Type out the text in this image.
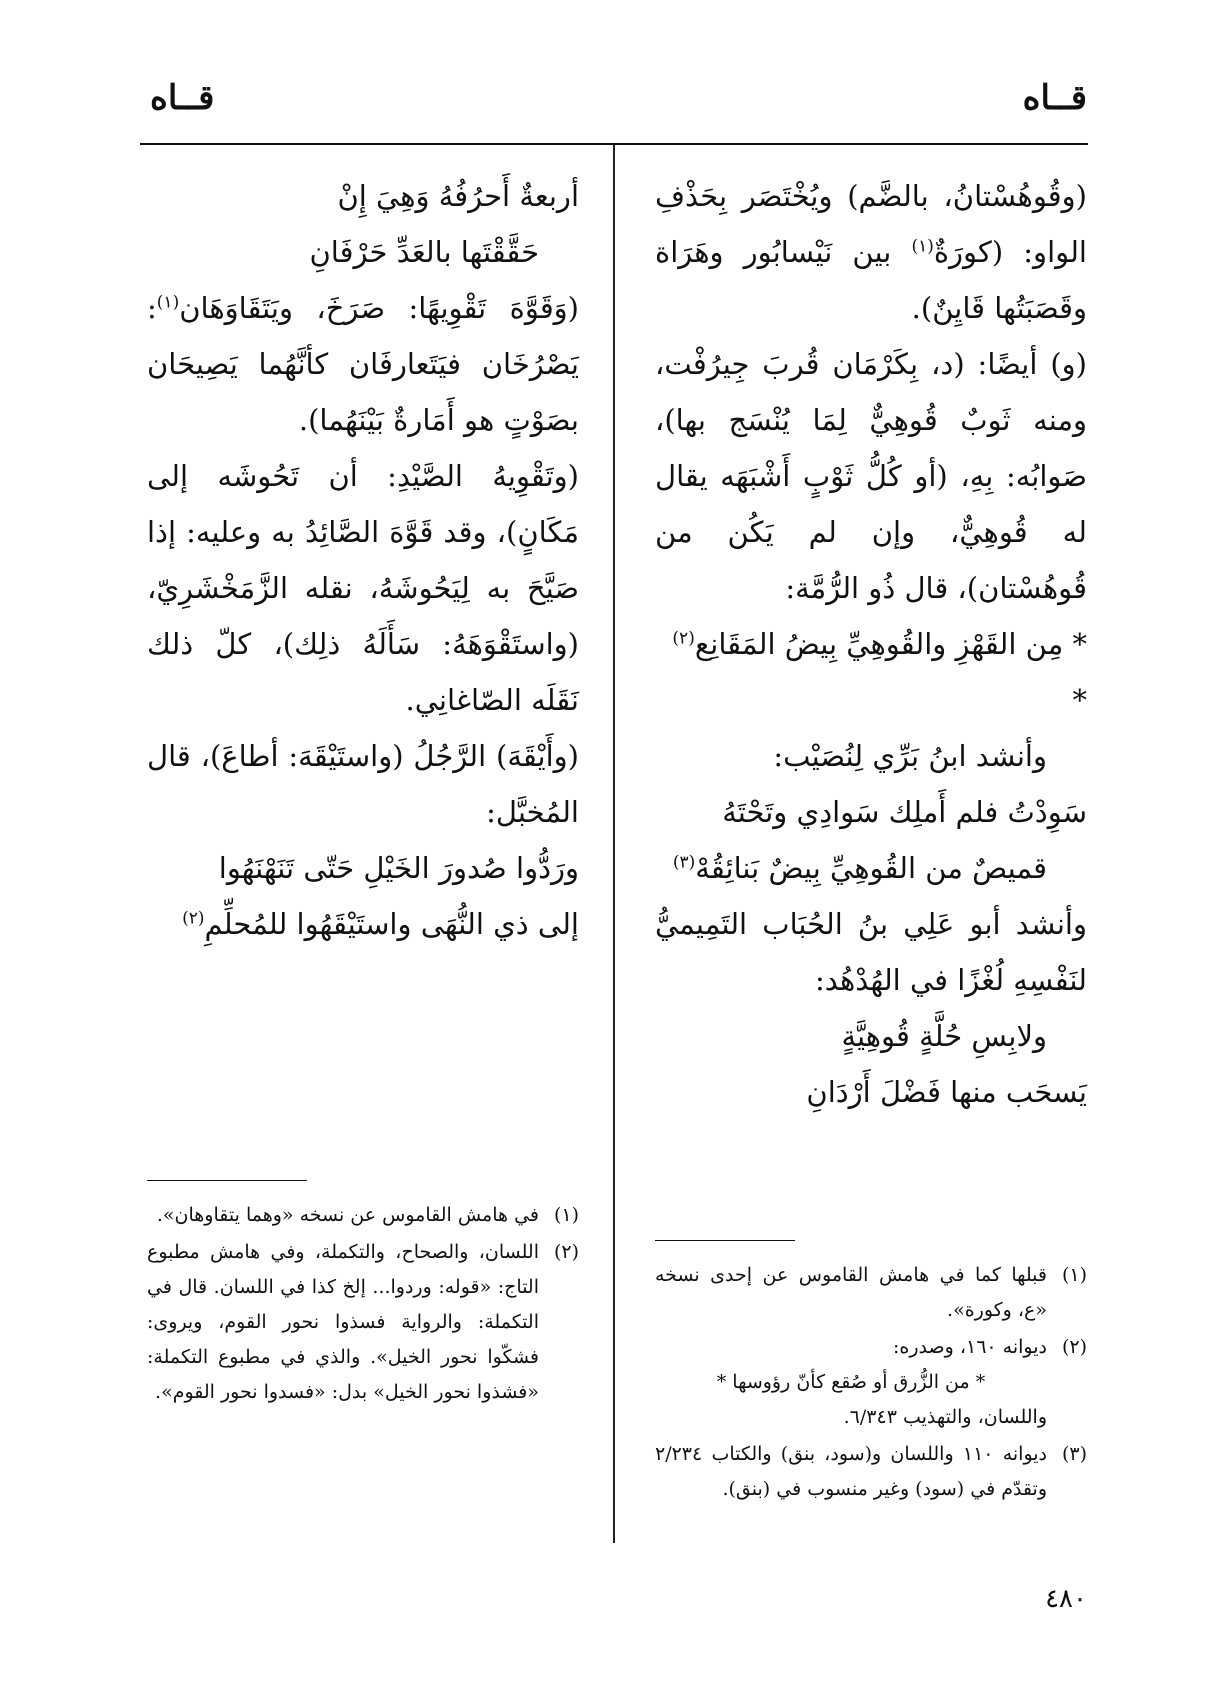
قــاه
قــاه

(وقُوهُسْتانُ، بالضَّم) ويُخْتَصَر بِحَذْفِ الواو: (كورَةٌ$^{(١)}$ بين نَيْسابُور وهَرَاة وقَصَبَتُها قَايِنٌ).

(و) أيضًا: (د، بِكَرْمَان قُربَ جِيرُفْت، ومنه ثَوبٌ قُوهِيٌّ لِمَا يُنْسَج بها)، صَوابُه: بِهِ، (أو كُلُّ ثَوْبٍ أَشْبَهَه يقال له قُوهِيٌّ، وإن لم يَكُن من قُوهُسْتان)، قال ذُو الرُّمَّة:

* مِن القَهْزِ والقُوهِيِّ بِيضُ المَقَانِع$^{(٢)}$ *

وأنشد ابنُ بَرِّي لِنُصَيْب:

سَوِدْتُ فلم أَملِك سَوادِي وتَحْتَهُ

قميصٌ من القُوهِيِّ بِيضٌ بَنائِقُهْ$^{(٣)}$

وأنشد أبو عَلِي بنُ الحُبَاب التَمِيميُّ لنَفْسِهِ لُغْزًا في الهُدْهُد:

ولابِسِ حُلَّةٍ قُوهِيَّةٍ

يَسحَب منها فَضْلَ أَرْدَانِ

أربعةٌ أَحرُفُهُ وَهِيَ إِنْ

حَقَّقْتَها بالعَدِّ حَرْفَانِ

(وَقَوَّهَ تَقْوِيهًا: صَرَخَ، ويَتَقَاوَهَان$^{(١)}$: يَصْرُخَان فيَتَعارفَان كأنَّهُما يَصِيحَان بصَوْتٍ هو أَمَارةٌ بَيْنَهُما).

(وتَقْوِيهُ الصَّيْدِ: أن تَحُوشَه إلى مَكَانٍ)، وقد قَوَّهَ الصَّائِدُ به وعليه: إذا صَيَّحَ به لِيَحُوشَهُ، نقله الزَّمَخْشَرِيّ، (واستَقْوَهَهُ: سَأَلَهُ ذلِك)، كلّ ذلك نَقَلَه الصّاغانِي.

(وأَيْقَهَ) الرَّجُلُ (واستَيْقَهَ: أطاعَ)، قال المُخبَّل:

ورَدُّوا صُدورَ الخَيْلِ حَتّى تَنَهْنَهُوا

إلى ذي النُّهَى واستَيْقَهُوا للمُحلِّمِ$^{(٢)}$

(١)
قبلها كما في هامش القاموس عن إحدى نسخه «ع، وكورة».
(٢)
ديوانه ١٦٠، وصدره:
* من الزُّرق أو صُقع كأنّ رؤوسها *
واللسان، والتهذيب ٦/٣٤٣.
(٣)
ديوانه ١١٠ واللسان و(سود، بنق) والكتاب ٢/٢٣٤ وتقدّم في (سود) وغير منسوب في (بنق).
(١)
في هامش القاموس عن نسخه «وهما يتقاوهان».
(٢)
اللسان، والصحاح، والتكملة، وفي هامش مطبوع التاج: «قوله: وردوا... إلخ كذا في اللسان. قال في التكملة: والرواية فسذوا نحور القوم، ويروى: فشكّوا نحور الخيل». والذي في مطبوع التكملة: «فشذوا نحور الخيل» بدل: «فسدوا نحور القوم».
٤٨٠
